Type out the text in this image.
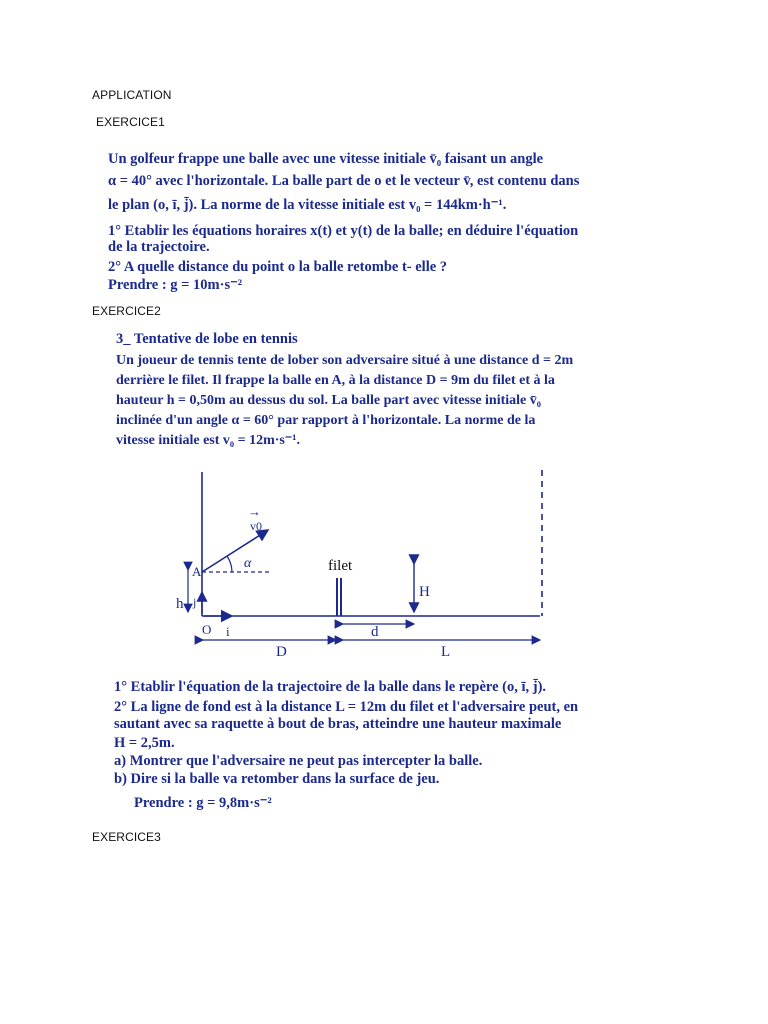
APPLICATION
EXERCICE1
EXERCICE2
EXERCICE3
Un golfeur frappe une balle avec une vitesse initiale v̄₀ faisant un angle
α = 40° avec l'horizontale. La balle part de o et le vecteur v̄, est contenu dans
le plan (o, ī, j̄). La norme de la vitesse initiale est v₀ = 144km·h⁻¹.
1° Etablir les équations horaires x(t) et y(t) de la balle; en déduire l'équation
de la trajectoire.
2° A quelle distance du point o la balle retombe t- elle ?
Prendre : g = 10m·s⁻²
3_ Tentative de lobe en tennis
Un joueur de tennis tente de lober son adversaire situé à une distance d = 2m
derrière le filet. Il frappe la balle en A, à la distance D = 9m du filet et à la
hauteur h = 0,50m au dessus du sol. La balle part avec vitesse initiale v̄₀
inclinée d'un angle α = 60° par rapport à l'horizontale. La norme de la
vitesse initiale est v₀ = 12m·s⁻¹.
→
v0
α
A	filet
H
h j
O i	d
D	L
1° Etablir l'équation de la trajectoire de la balle dans le repère (o, ī, j̄).
2° La ligne de fond est à la distance L = 12m du filet et l'adversaire peut, en
sautant avec sa raquette à bout de bras, atteindre une hauteur maximale
H = 2,5m.
a) Montrer que l'adversaire ne peut pas intercepter la balle.
b) Dire si la balle va retomber dans la surface de jeu.
Prendre : g = 9,8m·s⁻²
